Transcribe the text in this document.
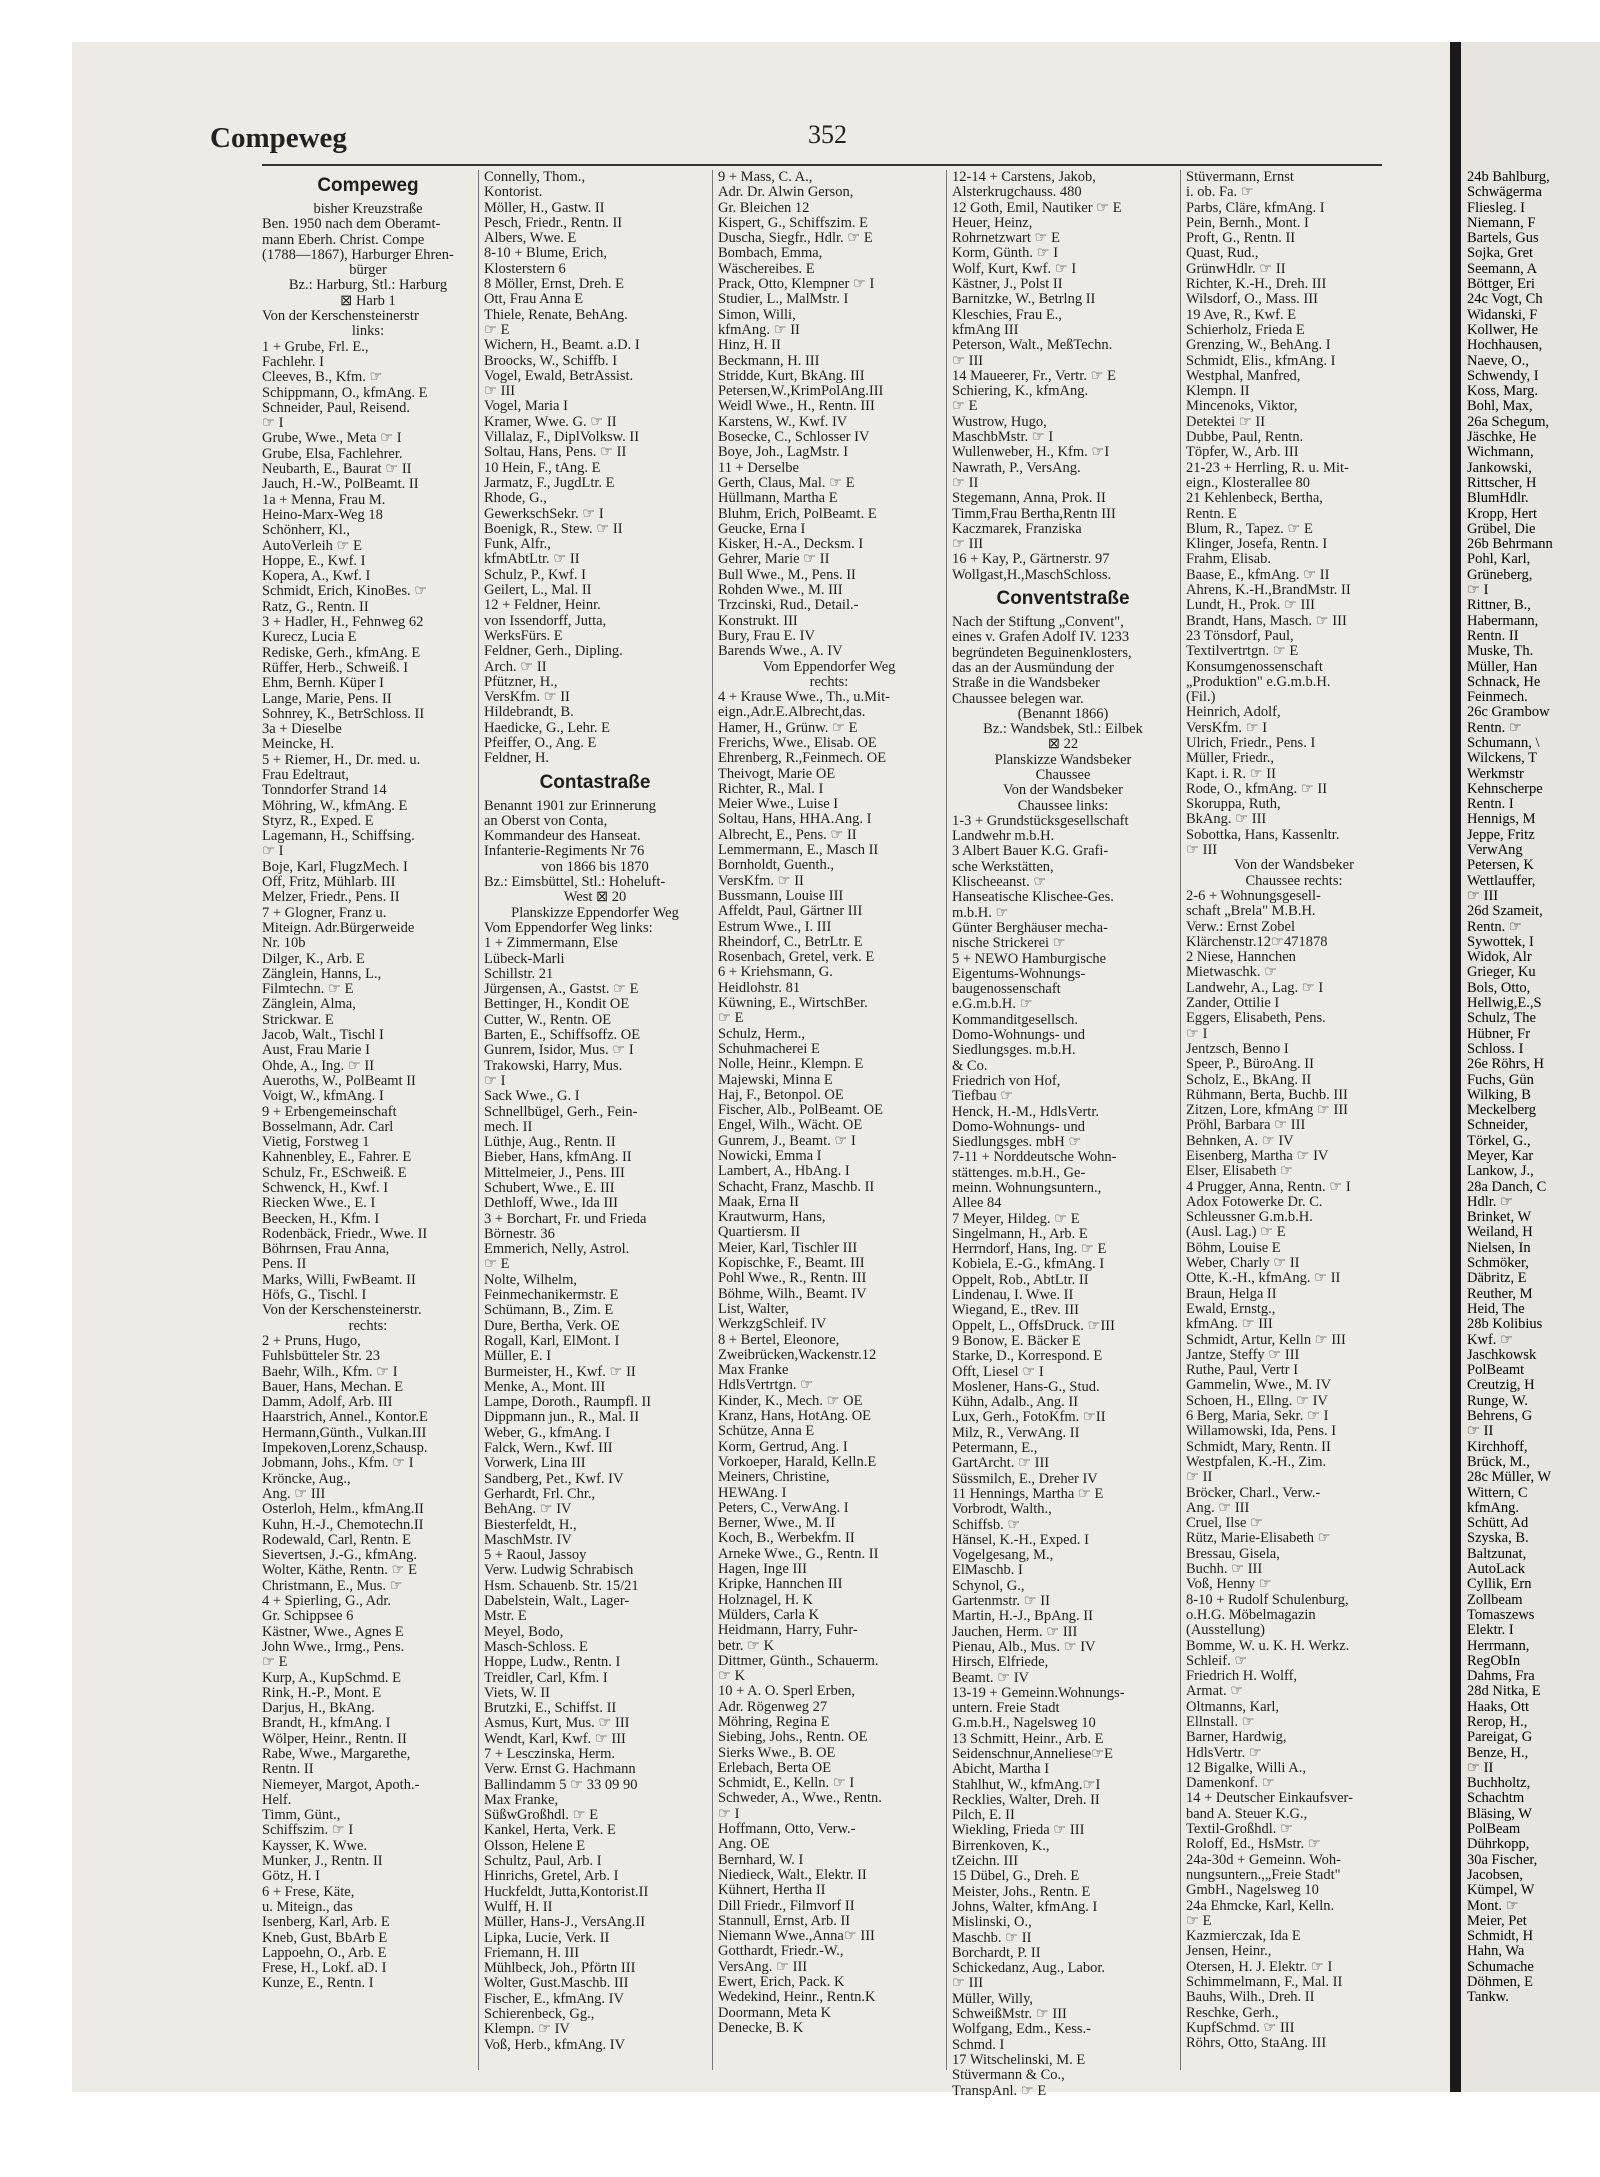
Compeweg	352
Compeweg
bisher Kreuzstraße
Ben. 1950 nach dem Oberamt-
mann Eberh. Christ. Compe
(1788—1867), Harburger Ehren-
bürger
Bz.: Harburg, Stl.: Harburg
⊠ Harb 1
Von der Kerschensteinerstr
links:
1 + Grube, Frl. E.,
Fachlehr. I
Cleeves, B., Kfm. ☞
Schippmann, O., kfmAng. E
Schneider, Paul, Reisend.
☞ I
Grube, Wwe., Meta ☞ I
Grube, Elsa, Fachlehrer.
Neubarth, E., Baurat ☞ II
Jauch, H.-W., PolBeamt. II
1a + Menna, Frau M.
Heino-Marx-Weg 18
Schönherr, Kl.,
AutoVerleih ☞ E
Hoppe, E., Kwf. I
Kopera, A., Kwf. I
Schmidt, Erich, KinoBes. ☞
Ratz, G., Rentn. II
3 + Hadler, H., Fehnweg 62
Kurecz, Lucia E
Rediske, Gerh., kfmAng. E
Rüffer, Herb., Schweiß. I
Ehm, Bernh. Küper I
Lange, Marie, Pens. II
Sohnrey, K., BetrSchloss. II
3a + Dieselbe
Meincke, H.
5 + Riemer, H., Dr. med. u.
Frau Edeltraut,
Tonndorfer Strand 14
Möhring, W., kfmAng. E
Styrz, R., Exped. E
Lagemann, H., Schiffsing.
☞ I
Boje, Karl, FlugzMech. I
Off, Fritz, Mühlarb. III
Melzer, Friedr., Pens. II
7 + Glogner, Franz u.
Miteign. Adr.Bürgerweide
Nr. 10b
Dilger, K., Arb. E
Zänglein, Hanns, L.,
Filmtechn. ☞ E
Zänglein, Alma,
Strickwar. E
Jacob, Walt., Tischl I
Aust, Frau Marie I
Ohde, A., Ing. ☞ II
Aueroths, W., PolBeamt II
Voigt, W., kfmAng. I
9 + Erbengemeinschaft
Bosselmann, Adr. Carl
Vietig, Forstweg 1
Kahnenbley, E., Fahrer. E
Schulz, Fr., ESchweiß. E
Schwenck, H., Kwf. I
Riecken Wwe., E. I
Beecken, H., Kfm. I
Rodenbäck, Friedr., Wwe. II
Böhrnsen, Frau Anna,
Pens. II
Marks, Willi, FwBeamt. II
Höfs, G., Tischl. I
Von der Kerschensteinerstr.
rechts:
2 + Pruns, Hugo,
Fuhlsbütteler Str. 23
Baehr, Wilh., Kfm. ☞ I
Bauer, Hans, Mechan. E
Damm, Adolf, Arb. III
Haarstrich, Annel., Kontor.E
Hermann,Günth., Vulkan.III
Impekoven,Lorenz,Schausp.
Jobmann, Johs., Kfm. ☞ I
Kröncke, Aug.,
Ang. ☞ III
Osterloh, Helm., kfmAng.II
Kuhn, H.-J., Chemotechn.II
Rodewald, Carl, Rentn. E
Sievertsen, J.-G., kfmAng.
Wolter, Käthe, Rentn. ☞ E
Christmann, E., Mus. ☞
4 + Spierling, G., Adr.
Gr. Schippsee 6
Kästner, Wwe., Agnes E
John Wwe., Irmg., Pens.
☞ E
Kurp, A., KupSchmd. E
Rink, H.-P., Mont. E
Darjus, H., BkAng.
Brandt, H., kfmAng. I
Wölper, Heinr., Rentn. II
Rabe, Wwe., Margarethe,
Rentn. II
Niemeyer, Margot, Apoth.-
Helf.
Timm, Günt.,
Schiffszim. ☞ I
Kaysser, K. Wwe.
Munker, J., Rentn. II
Götz, H. I
6 + Frese, Käte,
u. Miteign., das
Isenberg, Karl, Arb. E
Kneb, Gust, BbArb E
Lappoehn, O., Arb. E
Frese, H., Lokf. aD. I
Kunze, E., Rentn. I
Connelly, Thom.,
Kontorist.
Möller, H., Gastw. II
Pesch, Friedr., Rentn. II
Albers, Wwe. E
8-10 + Blume, Erich,
Klosterstern 6
8 Möller, Ernst, Dreh. E
Ott, Frau Anna E
Thiele, Renate, BehAng.
☞ E
Wichern, H., Beamt. a.D. I
Broocks, W., Schiffb. I
Vogel, Ewald, BetrAssist.
☞ III
Vogel, Maria I
Kramer, Wwe. G. ☞ II
Villalaz, F., DiplVolksw. II
Soltau, Hans, Pens. ☞ II
10 Hein, F., tAng. E
Jarmatz, F., JugdLtr. E
Rhode, G.,
GewerkschSekr. ☞ I
Boenigk, R., Stew. ☞ II
Funk, Alfr.,
kfmAbtLtr. ☞ II
Schulz, P., Kwf. I
Geilert, L., Mal. II
12 + Feldner, Heinr.
von Issendorff, Jutta,
WerksFürs. E
Feldner, Gerh., Dipling.
Arch. ☞ II
Pfützner, H.,
VersKfm. ☞ II
Hildebrandt, B.
Haedicke, G., Lehr. E
Pfeiffer, O., Ang. E
Feldner, H.
Contastraße
Benannt 1901 zur Erinnerung
an Oberst von Conta,
Kommandeur des Hanseat.
Infanterie-Regiments Nr 76
von 1866 bis 1870
Bz.: Eimsbüttel, Stl.: Hoheluft-
West ⊠ 20
Planskizze Eppendorfer Weg
Vom Eppendorfer Weg links:
1 + Zimmermann, Else
Lübeck-Marli
Schillstr. 21
Jürgensen, A., Gastst. ☞ E
Bettinger, H., Kondit OE
Cutter, W., Rentn. OE
Barten, E., Schiffsoffz. OE
Gunrem, Isidor, Mus. ☞ I
Trakowski, Harry, Mus.
☞ I
Sack Wwe., G. I
Schnellbügel, Gerh., Fein-
mech. II
Lüthje, Aug., Rentn. II
Bieber, Hans, kfmAng. II
Mittelmeier, J., Pens. III
Schubert, Wwe., E. III
Dethloff, Wwe., Ida III
3 + Borchart, Fr. und Frieda
Börnestr. 36
Emmerich, Nelly, Astrol.
☞ E
Nolte, Wilhelm,
Feinmechanikermstr. E
Schümann, B., Zim. E
Dure, Bertha, Verk. OE
Rogall, Karl, ElMont. I
Müller, E. I
Burmeister, H., Kwf. ☞ II
Menke, A., Mont. III
Lampe, Doroth., Raumpfl. II
Dippmann jun., R., Mal. II
Weber, G., kfmAng. I
Falck, Wern., Kwf. III
Vorwerk, Lina III
Sandberg, Pet., Kwf. IV
Gerhardt, Frl. Chr.,
BehAng. ☞ IV
Biesterfeldt, H.,
MaschMstr. IV
5 + Raoul, Jassoy
Verw. Ludwig Schrabisch
Hsm. Schauenb. Str. 15/21
Dabelstein, Walt., Lager-
Mstr. E
Meyel, Bodo,
Masch-Schloss. E
Hoppe, Ludw., Rentn. I
Treidler, Carl, Kfm. I
Viets, W. II
Brutzki, E., Schiffst. II
Asmus, Kurt, Mus. ☞ III
Wendt, Karl, Kwf. ☞ III
7 + Lesczinska, Herm.
Verw. Ernst G. Hachmann
Ballindamm 5 ☞ 33 09 90
Max Franke,
SüßwGroßhdl. ☞ E
Kankel, Herta, Verk. E
Olsson, Helene E
Schultz, Paul, Arb. I
Hinrichs, Gretel, Arb. I
Huckfeldt, Jutta,Kontorist.II
Wulff, H. II
Müller, Hans-J., VersAng.II
Lipka, Lucie, Verk. II
Friemann, H. III
Mühlbeck, Joh., Pförtn III
Wolter, Gust.Maschb. III
Fischer, E., kfmAng. IV
Schierenbeck, Gg.,
Klempn. ☞ IV
Voß, Herb., kfmAng. IV
9 + Mass, C. A.,
Adr. Dr. Alwin Gerson,
Gr. Bleichen 12
Kispert, G., Schiffszim. E
Duscha, Siegfr., Hdlr. ☞ E
Bombach, Emma,
Wäschereibes. E
Prack, Otto, Klempner ☞ I
Studier, L., MalMstr. I
Simon, Willi,
kfmAng. ☞ II
Hinz, H. II
Beckmann, H. III
Stridde, Kurt, BkAng. III
Petersen,W.,KrimPolAng.III
Weidl Wwe., H., Rentn. III
Karstens, W., Kwf. IV
Bosecke, C., Schlosser IV
Boye, Joh., LagMstr. I
11 + Derselbe
Gerth, Claus, Mal. ☞ E
Hüllmann, Martha E
Bluhm, Erich, PolBeamt. E
Geucke, Erna I
Kisker, H.-A., Decksm. I
Gehrer, Marie ☞ II
Bull Wwe., M., Pens. II
Rohden Wwe., M. III
Trzcinski, Rud., Detail.-
Konstrukt. III
Bury, Frau E. IV
Barends Wwe., A. IV
Vom Eppendorfer Weg
rechts:
4 + Krause Wwe., Th., u.Mit-
eign.,Adr.E.Albrecht,das.
Hamer, H., Grünw. ☞ E
Frerichs, Wwe., Elisab. OE
Ehrenberg, R.,Feinmech. OE
Theivogt, Marie OE
Richter, R., Mal. I
Meier Wwe., Luise I
Soltau, Hans, HHA.Ang. I
Albrecht, E., Pens. ☞ II
Lemmermann, E., Masch II
Bornholdt, Guenth.,
VersKfm. ☞ II
Bussmann, Louise III
Affeldt, Paul, Gärtner III
Estrum Wwe., I. III
Rheindorf, C., BetrLtr. E
Rosenbach, Gretel, verk. E
6 + Kriehsmann, G.
Heidlohstr. 81
Küwning, E., WirtschBer.
☞ E
Schulz, Herm.,
Schuhmacherei E
Nolle, Heinr., Klempn. E
Majewski, Minna E
Haj, F., Betonpol. OE
Fischer, Alb., PolBeamt. OE
Engel, Wilh., Wächt. OE
Gunrem, J., Beamt. ☞ I
Nowicki, Emma I
Lambert, A., HbAng. I
Schacht, Franz, Maschb. II
Maak, Erna II
Krautwurm, Hans,
Quartiersm. II
Meier, Karl, Tischler III
Kopischke, F., Beamt. III
Pohl Wwe., R., Rentn. III
Böhme, Wilh., Beamt. IV
List, Walter,
WerkzgSchleif. IV
8 + Bertel, Eleonore,
Zweibrücken,Wackenstr.12
Max Franke
HdlsVertrtgn. ☞
Kinder, K., Mech. ☞ OE
Kranz, Hans, HotAng. OE
Schütze, Anna E
Korm, Gertrud, Ang. I
Vorkoeper, Harald, Kelln.E
Meiners, Christine,
HEWAng. I
Peters, C., VerwAng. I
Berner, Wwe., M. II
Koch, B., Werbekfm. II
Arneke Wwe., G., Rentn. II
Hagen, Inge III
Kripke, Hannchen III
Holznagel, H. K
Mülders, Carla K
Heidmann, Harry, Fuhr-
betr. ☞ K
Dittmer, Günth., Schauerm.
☞ K
10 + A. O. Sperl Erben,
Adr. Rögenweg 27
Möhring, Regina E
Siebing, Johs., Rentn. OE
Sierks Wwe., B. OE
Erlebach, Berta OE
Schmidt, E., Kelln. ☞ I
Schweder, A., Wwe., Rentn.
☞ I
Hoffmann, Otto, Verw.-
Ang. OE
Bernhard, W. I
Niedieck, Walt., Elektr. II
Kühnert, Hertha II
Dill Friedr., Filmvorf II
Stannull, Ernst, Arb. II
Niemann Wwe.,Anna☞ III
Gotthardt, Friedr.-W.,
VersAng. ☞ III
Ewert, Erich, Pack. K
Wedekind, Heinr., Rentn.K
Doormann, Meta K
Denecke, B. K
12-14 + Carstens, Jakob,
Alsterkrugchauss. 480
12 Goth, Emil, Nautiker ☞ E
Heuer, Heinz,
Rohrnetzwart ☞ E
Korm, Günth. ☞ I
Wolf, Kurt, Kwf. ☞ I
Kästner, J., Polst II
Barnitzke, W., Betrlng II
Kleschies, Frau E.,
kfmAng III
Peterson, Walt., MeßTechn.
☞ III
14 Maueerer, Fr., Vertr. ☞ E
Schiering, K., kfmAng.
☞ E
Wustrow, Hugo,
MaschbMstr. ☞ I
Wullenweber, H., Kfm. ☞I
Nawrath, P., VersAng.
☞ II
Stegemann, Anna, Prok. II
Timm,Frau Bertha,Rentn III
Kaczmarek, Franziska
☞ III
16 + Kay, P., Gärtnerstr. 97
Wollgast,H.,MaschSchloss.
Conventstraße
Nach der Stiftung „Convent",
eines v. Grafen Adolf IV. 1233
begründeten Beguinenklosters,
das an der Ausmündung der
Straße in die Wandsbeker
Chaussee belegen war.
(Benannt 1866)
Bz.: Wandsbek, Stl.: Eilbek
⊠ 22
Planskizze Wandsbeker
Chaussee
Von der Wandsbeker
Chaussee links:
1-3 + Grundstücksgesellschaft
Landwehr m.b.H.
3 Albert Bauer K.G. Grafi-
sche Werkstätten,
Klischeeanst. ☞
Hanseatische Klischee-Ges.
m.b.H. ☞
Günter Berghäuser mecha-
nische Strickerei ☞
5 + NEWO Hamburgische
Eigentums-Wohnungs-
baugenossenschaft
e.G.m.b.H. ☞
Kommanditgesellsch.
Domo-Wohnungs- und
Siedlungsges. m.b.H.
& Co.
Friedrich von Hof,
Tiefbau ☞
Henck, H.-M., HdlsVertr.
Domo-Wohnungs- und
Siedlungsges. mbH ☞
7-11 + Norddeutsche Wohn-
stättenges. m.b.H., Ge-
meinn. Wohnungsuntern.,
Allee 84
7 Meyer, Hildeg. ☞ E
Singelmann, H., Arb. E
Herrndorf, Hans, Ing. ☞ E
Kobiela, E.-G., kfmAng. I
Oppelt, Rob., AbtLtr. II
Lindenau, I. Wwe. II
Wiegand, E., tRev. III
Oppelt, L., OffsDruck. ☞III
9 Bonow, E. Bäcker E
Starke, D., Korrespond. E
Offt, Liesel ☞ I
Moslener, Hans-G., Stud.
Kühn, Adalb., Ang. II
Lux, Gerh., FotoKfm. ☞II
Milz, R., VerwAng. II
Petermann, E.,
GartArcht. ☞ III
Süssmilch, E., Dreher IV
11 Hennings, Martha ☞ E
Vorbrodt, Walth.,
Schiffsb. ☞
Hänsel, K.-H., Exped. I
Vogelgesang, M.,
ElMaschb. I
Schynol, G.,
Gartenmstr. ☞ II
Martin, H.-J., BpAng. II
Jauchen, Herm. ☞ III
Pienau, Alb., Mus. ☞ IV
Hirsch, Elfriede,
Beamt. ☞ IV
13-19 + Gemeinn.Wohnungs-
untern. Freie Stadt
G.m.b.H., Nagelsweg 10
13 Schmitt, Heinr., Arb. E
Seidenschnur,Anneliese☞E
Abicht, Martha I
Stahlhut, W., kfmAng.☞I
Recklies, Walter, Dreh. II
Pilch, E. II
Wiekling, Frieda ☞ III
Birrenkoven, K.,
tZeichn. III
15 Dübel, G., Dreh. E
Meister, Johs., Rentn. E
Johns, Walter, kfmAng. I
Mislinski, O.,
Maschb. ☞ II
Borchardt, P. II
Schickedanz, Aug., Labor.
☞ III
Müller, Willy,
SchweißMstr. ☞ III
Wolfgang, Edm., Kess.-
Schmd. I
17 Witschelinski, M. E
Stüvermann & Co.,
TranspAnl. ☞ E
Stüvermann, Ernst
i. ob. Fa. ☞
Parbs, Cläre, kfmAng. I
Pein, Bernh., Mont. I
Proft, G., Rentn. II
Quast, Rud.,
GrünwHdlr. ☞ II
Richter, K.-H., Dreh. III
Wilsdorf, O., Mass. III
19 Ave, R., Kwf. E
Schierholz, Frieda E
Grenzing, W., BehAng. I
Schmidt, Elis., kfmAng. I
Westphal, Manfred,
Klempn. II
Mincenoks, Viktor,
Detektei ☞ II
Dubbe, Paul, Rentn.
Töpfer, W., Arb. III
21-23 + Herrling, R. u. Mit-
eign., Klosterallee 80
21 Kehlenbeck, Bertha,
Rentn. E
Blum, R., Tapez. ☞ E
Klinger, Josefa, Rentn. I
Frahm, Elisab.
Baase, E., kfmAng. ☞ II
Ahrens, K.-H.,BrandMstr. II
Lundt, H., Prok. ☞ III
Brandt, Hans, Masch. ☞ III
23 Tönsdorf, Paul,
Textilvertrtgn. ☞ E
Konsumgenossenschaft
„Produktion" e.G.m.b.H.
(Fil.)
Heinrich, Adolf,
VersKfm. ☞ I
Ulrich, Friedr., Pens. I
Müller, Friedr.,
Kapt. i. R. ☞ II
Rode, O., kfmAng. ☞ II
Skoruppa, Ruth,
BkAng. ☞ III
Sobottka, Hans, Kassenltr.
☞ III
Von der Wandsbeker
Chaussee rechts:
2-6 + Wohnungsgesell-
schaft „Brela" M.B.H.
Verw.: Ernst Zobel
Klärchenstr.12☞471878
2 Niese, Hannchen
Mietwaschk. ☞
Landwehr, A., Lag. ☞ I
Zander, Ottilie I
Eggers, Elisabeth, Pens.
☞ I
Jentzsch, Benno I
Speer, P., BüroAng. II
Scholz, E., BkAng. II
Rühmann, Berta, Buchb. III
Zitzen, Lore, kfmAng ☞ III
Pröhl, Barbara ☞ III
Behnken, A. ☞ IV
Eisenberg, Martha ☞ IV
Elser, Elisabeth ☞
4 Prugger, Anna, Rentn. ☞ I
Adox Fotowerke Dr. C.
Schleussner G.m.b.H.
(Ausl. Lag.) ☞ E
Böhm, Louise E
Weber, Charly ☞ II
Otte, K.-H., kfmAng. ☞ II
Braun, Helga II
Ewald, Ernstg.,
kfmAng. ☞ III
Schmidt, Artur, Kelln ☞ III
Jantze, Steffy ☞ III
Ruthe, Paul, Vertr I
Gammelin, Wwe., M. IV
Schoen, H., Ellng. ☞ IV
6 Berg, Maria, Sekr. ☞ I
Willamowski, Ida, Pens. I
Schmidt, Mary, Rentn. II
Westpfalen, K.-H., Zim.
☞ II
Bröcker, Charl., Verw.-
Ang. ☞ III
Cruel, Ilse ☞
Rütz, Marie-Elisabeth ☞
Bressau, Gisela,
Buchh. ☞ III
Voß, Henny ☞
8-10 + Rudolf Schulenburg,
o.H.G. Möbelmagazin
(Ausstellung)
Bomme, W. u. K. H. Werkz.
Schleif. ☞
Friedrich H. Wolff,
Armat. ☞
Oltmanns, Karl,
Ellnstall. ☞
Barner, Hardwig,
HdlsVertr. ☞
12 Bigalke, Willi A.,
Damenkonf. ☞
14 + Deutscher Einkaufsver-
band A. Steuer K.G.,
Textil-Großhdl. ☞
Roloff, Ed., HsMstr. ☞
24a-30d + Gemeinn. Woh-
nungsuntern.,„Freie Stadt"
GmbH., Nagelsweg 10
24a Ehmcke, Karl, Kelln.
☞ E
Kazmierczak, Ida E
Jensen, Heinr.,
Otersen, H. J. Elektr. ☞ I
Schimmelmann, F., Mal. II
Bauhs, Wilh., Dreh. II
Reschke, Gerh.,
KupfSchmd. ☞ III
Röhrs, Otto, StaAng. III
24b Bahlburg,
Schwägerma
Fliesleg. I
Niemann, F
Bartels, Gus
Sojka, Gret
Seemann, A
Böttger, Eri
24c Vogt, Ch
Widanski, F
Kollwer, He
Hochhausen,
Naeve, O.,
Schwendy, I
Koss, Marg.
Bohl, Max,
26a Schegum,
Jäschke, He
Wichmann,
Jankowski,
Rittscher, H
BlumHdlr.
Kropp, Hert
Grübel, Die
26b Behrmann
Pohl, Karl,
Grüneberg,
☞ I
Rittner, B.,
Habermann,
Rentn. II
Muske, Th.
Müller, Han
Schnack, He
Feinmech.
26c Grambow
Rentn. ☞
Schumann, \
Wilckens, T
Werkmstr
Kehnscherpe
Rentn. I
Hennigs, M
Jeppe, Fritz
VerwAng
Petersen, K
Wettlauffer,
☞ III
26d Szameit,
Rentn. ☞
Sywottek, I
Widok, Alr
Grieger, Ku
Bols, Otto,
Hellwig,E.,S
Schulz, The
Hübner, Fr
Schloss. I
26e Röhrs, H
Fuchs, Gün
Wilking, B
Meckelberg
Schneider,
Törkel, G.,
Meyer, Kar
Lankow, J.,
28a Danch, C
Hdlr. ☞
Brinket, W
Weiland, H
Nielsen, In
Schmöker,
Däbritz, E
Reuther, M
Heid, The
28b Kolibius
Kwf. ☞
Jaschkowsk
PolBeamt
Creutzig, H
Runge, W.
Behrens, G
☞ II
Kirchhoff,
Brück, M.,
28c Müller, W
Wittern, C
kfmAng.
Schütt, Ad
Szyska, B.
Baltzunat,
AutoLack
Cyllik, Ern
Zollbeam
Tomaszews
Elektr. I
Herrmann,
RegObIn
Dahms, Fra
28d Nitka, E
Haaks, Ott
Rerop, H.,
Pareigat, G
Benze, H.,
☞ II
Buchholtz,
Schachtm
Bläsing, W
PolBeam
Dührkopp,
30a Fischer,
Jacobsen,
Kümpel, W
Mont. ☞
Meier, Pet
Schmidt, H
Hahn, Wa
Schumache
Döhmen, E
Tankw.
